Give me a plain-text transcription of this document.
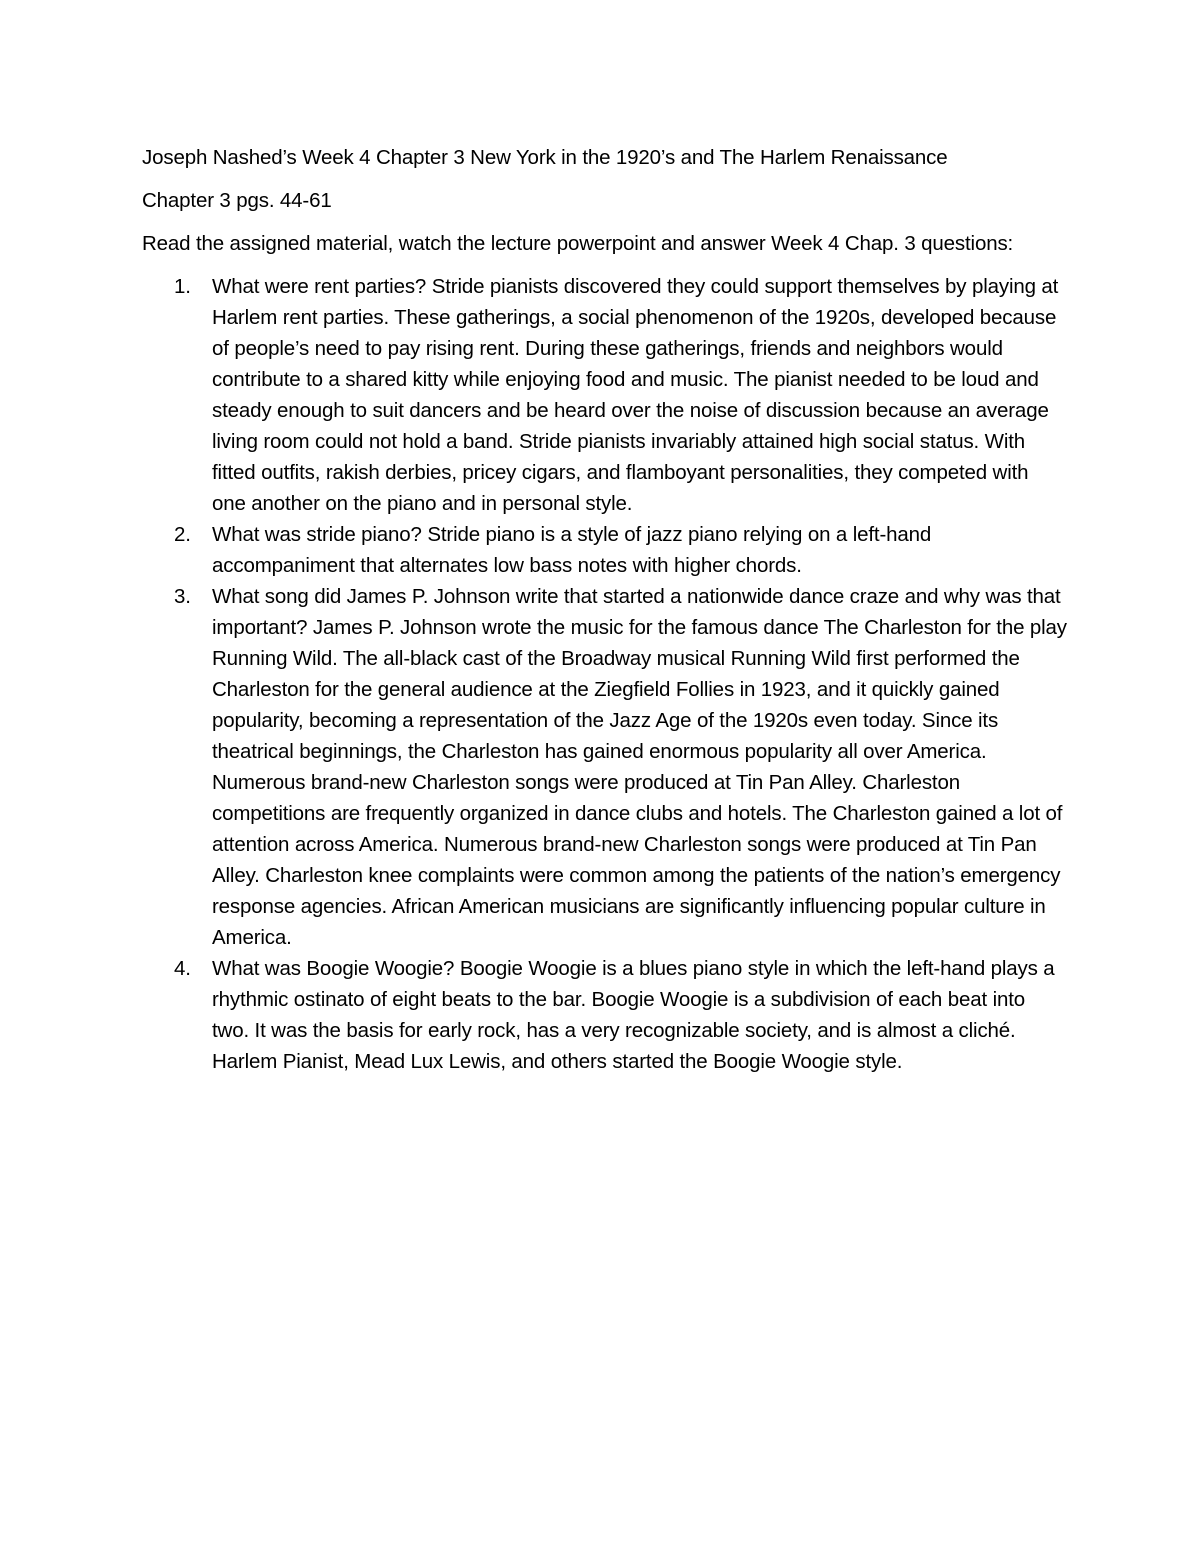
Joseph Nashed’s Week 4 Chapter 3 New York in the 1920’s and The Harlem Renaissance

Chapter 3 pgs. 44-61

Read the assigned material, watch the lecture powerpoint and answer Week 4 Chap. 3 questions:

1. What were rent parties? Stride pianists discovered they could support themselves by playing at Harlem rent parties. These gatherings, a social phenomenon of the 1920s, developed because of people’s need to pay rising rent. During these gatherings, friends and neighbors would contribute to a shared kitty while enjoying food and music. The pianist needed to be loud and steady enough to suit dancers and be heard over the noise of discussion because an average living room could not hold a band. Stride pianists invariably attained high social status. With fitted outfits, rakish derbies, pricey cigars, and flamboyant personalities, they competed with one another on the piano and in personal style.
2. What was stride piano? Stride piano is a style of jazz piano relying on a left-hand accompaniment that alternates low bass notes with higher chords.
3. What song did James P. Johnson write that started a nationwide dance craze and why was that important? James P. Johnson wrote the music for the famous dance The Charleston for the play Running Wild. The all-black cast of the Broadway musical Running Wild first performed the Charleston for the general audience at the Ziegfield Follies in 1923, and it quickly gained popularity, becoming a representation of the Jazz Age of the 1920s even today. Since its theatrical beginnings, the Charleston has gained enormous popularity all over America. Numerous brand-new Charleston songs were produced at Tin Pan Alley. Charleston competitions are frequently organized in dance clubs and hotels. The Charleston gained a lot of attention across America. Numerous brand-new Charleston songs were produced at Tin Pan Alley. Charleston knee complaints were common among the patients of the nation’s emergency response agencies. African American musicians are significantly influencing popular culture in America.
4. What was Boogie Woogie? Boogie Woogie is a blues piano style in which the left-hand plays a rhythmic ostinato of eight beats to the bar. Boogie Woogie is a subdivision of each beat into two. It was the basis for early rock, has a very recognizable society, and is almost a cliché. Harlem Pianist, Mead Lux Lewis, and others started the Boogie Woogie style.
